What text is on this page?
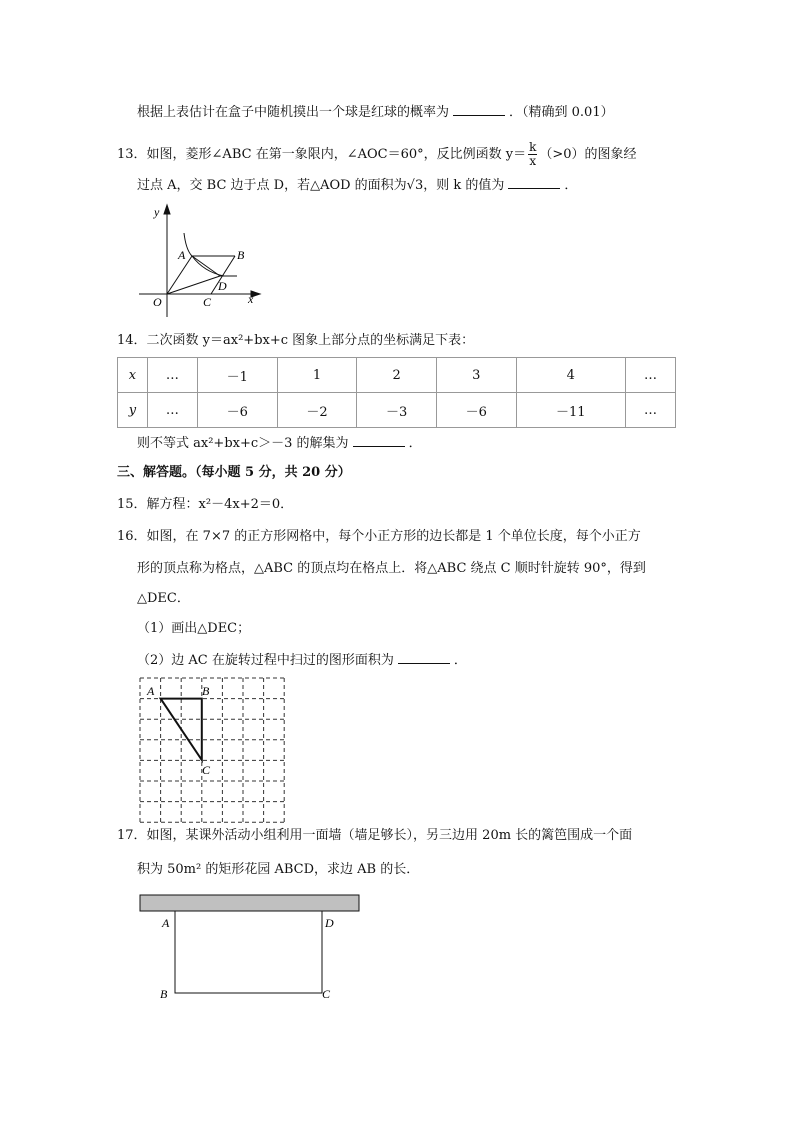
根据上表估计在盒子中随机摸出一个球是红球的概率为	．（精确到 0.01）
13．如图，菱形∠ABC 在第一象限内，∠AOC＝60°，反比例函数 $y= \frac{k}{x} (>0)$的图象经
过点 A，交 BC 边于点 D，若△AOD 的面积为√3，则 k 的值为	．
y
x
O
A	B
C
D
A	B
C
A	D
B	C
14．二次函数 y＝ax²+bx+c 图象上部分点的坐标满足下表：
x	…	－1	1	2	3	4	…
y	…	－6	－2	－3	－6	－11	…
则不等式 ax²+bx+c＞－3 的解集为	．
三、解答题。（每小题 5 分，共 20 分）
15．解方程：x²－4x+2＝0．
16．如图，在 7×7 的正方形网格中，每个小正方形的边长都是 1 个单位长度，每个小正方
形的顶点称为格点，△ABC 的顶点均在格点上．将△ABC 绕点 C 顺时针旋转 90°，得到
△DEC．
（1）画出△DEC；
（2）边 AC 在旋转过程中扫过的图形面积为	．
17．如图，某课外活动小组利用一面墙（墙足够长），另三边用 20m 长的篱笆围成一个面
积为 50m² 的矩形花园 ABCD，求边 AB 的长．
